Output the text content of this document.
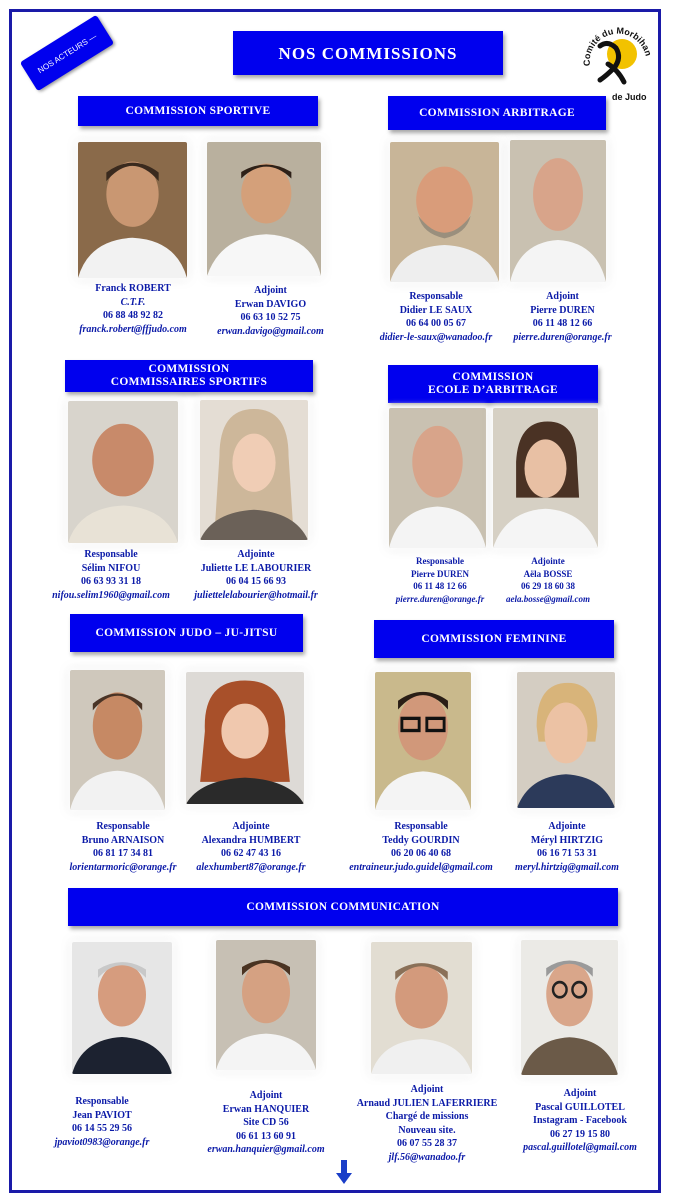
NOS ACTEURS —	NOS COMMISSIONS
Comité du Morbihan
de Judo
COMMISSION SPORTIVE	COMMISSION ARBITRAGE
COMMISSION
COMMISSAIRES SPORTIFS	COMMISSION
ECOLE D’ARBITRAGE
COMMISSION JUDO – JU-JITSU	COMMISSION FEMININE
COMMISSION COMMUNICATION
Franck ROBERT
C.T.F.
06 88 48 92 82
franck.robert@ffjudo.com
Adjoint
Erwan DAVIGO
06 63 10 52 75
erwan.davigo@gmail.com
Responsable
Didier LE SAUX
06 64 00 05 67
didier-le-saux@wanadoo.fr
Adjoint
Pierre DUREN
06 11 48 12 66
pierre.duren@orange.fr
Responsable
Sélim NIFOU
06 63 93 31 18
nifou.selim1960@gmail.com
Adjointe
Juliette LE LABOURIER
06 04 15 66 93
juliettelelabourier@hotmail.fr
Responsable
Pierre DUREN
06 11 48 12 66
pierre.duren@orange.fr
Adjointe
Aëla BOSSE
06 29 18 60 38
aela.bosse@gmail.com
Responsable
Bruno ARNAISON
06 81 17 34 81
lorientarmoric@orange.fr
Adjointe
Alexandra HUMBERT
06 62 47 43 16
alexhumbert87@orange.fr
Responsable
Teddy GOURDIN
06 20 06 40 68
entraineur.judo.guidel@gmail.com
Adjointe
Méryl HIRTZIG
06 16 71 53 31
meryl.hirtzig@gmail.com
Responsable
Jean PAVIOT
06 14 55 29 56
jpaviot0983@orange.fr
Adjoint
Erwan HANQUIER
Site CD 56
06 61 13 60 91
erwan.hanquier@gmail.com
Adjoint
Arnaud JULIEN LAFERRIERE
Chargé de missions
Nouveau site.
06 07 55 28 37
jlf.56@wanadoo.fr
Adjoint
Pascal GUILLOTEL
Instagram - Facebook
06 27 19 15 80
pascal.guillotel@gmail.com
